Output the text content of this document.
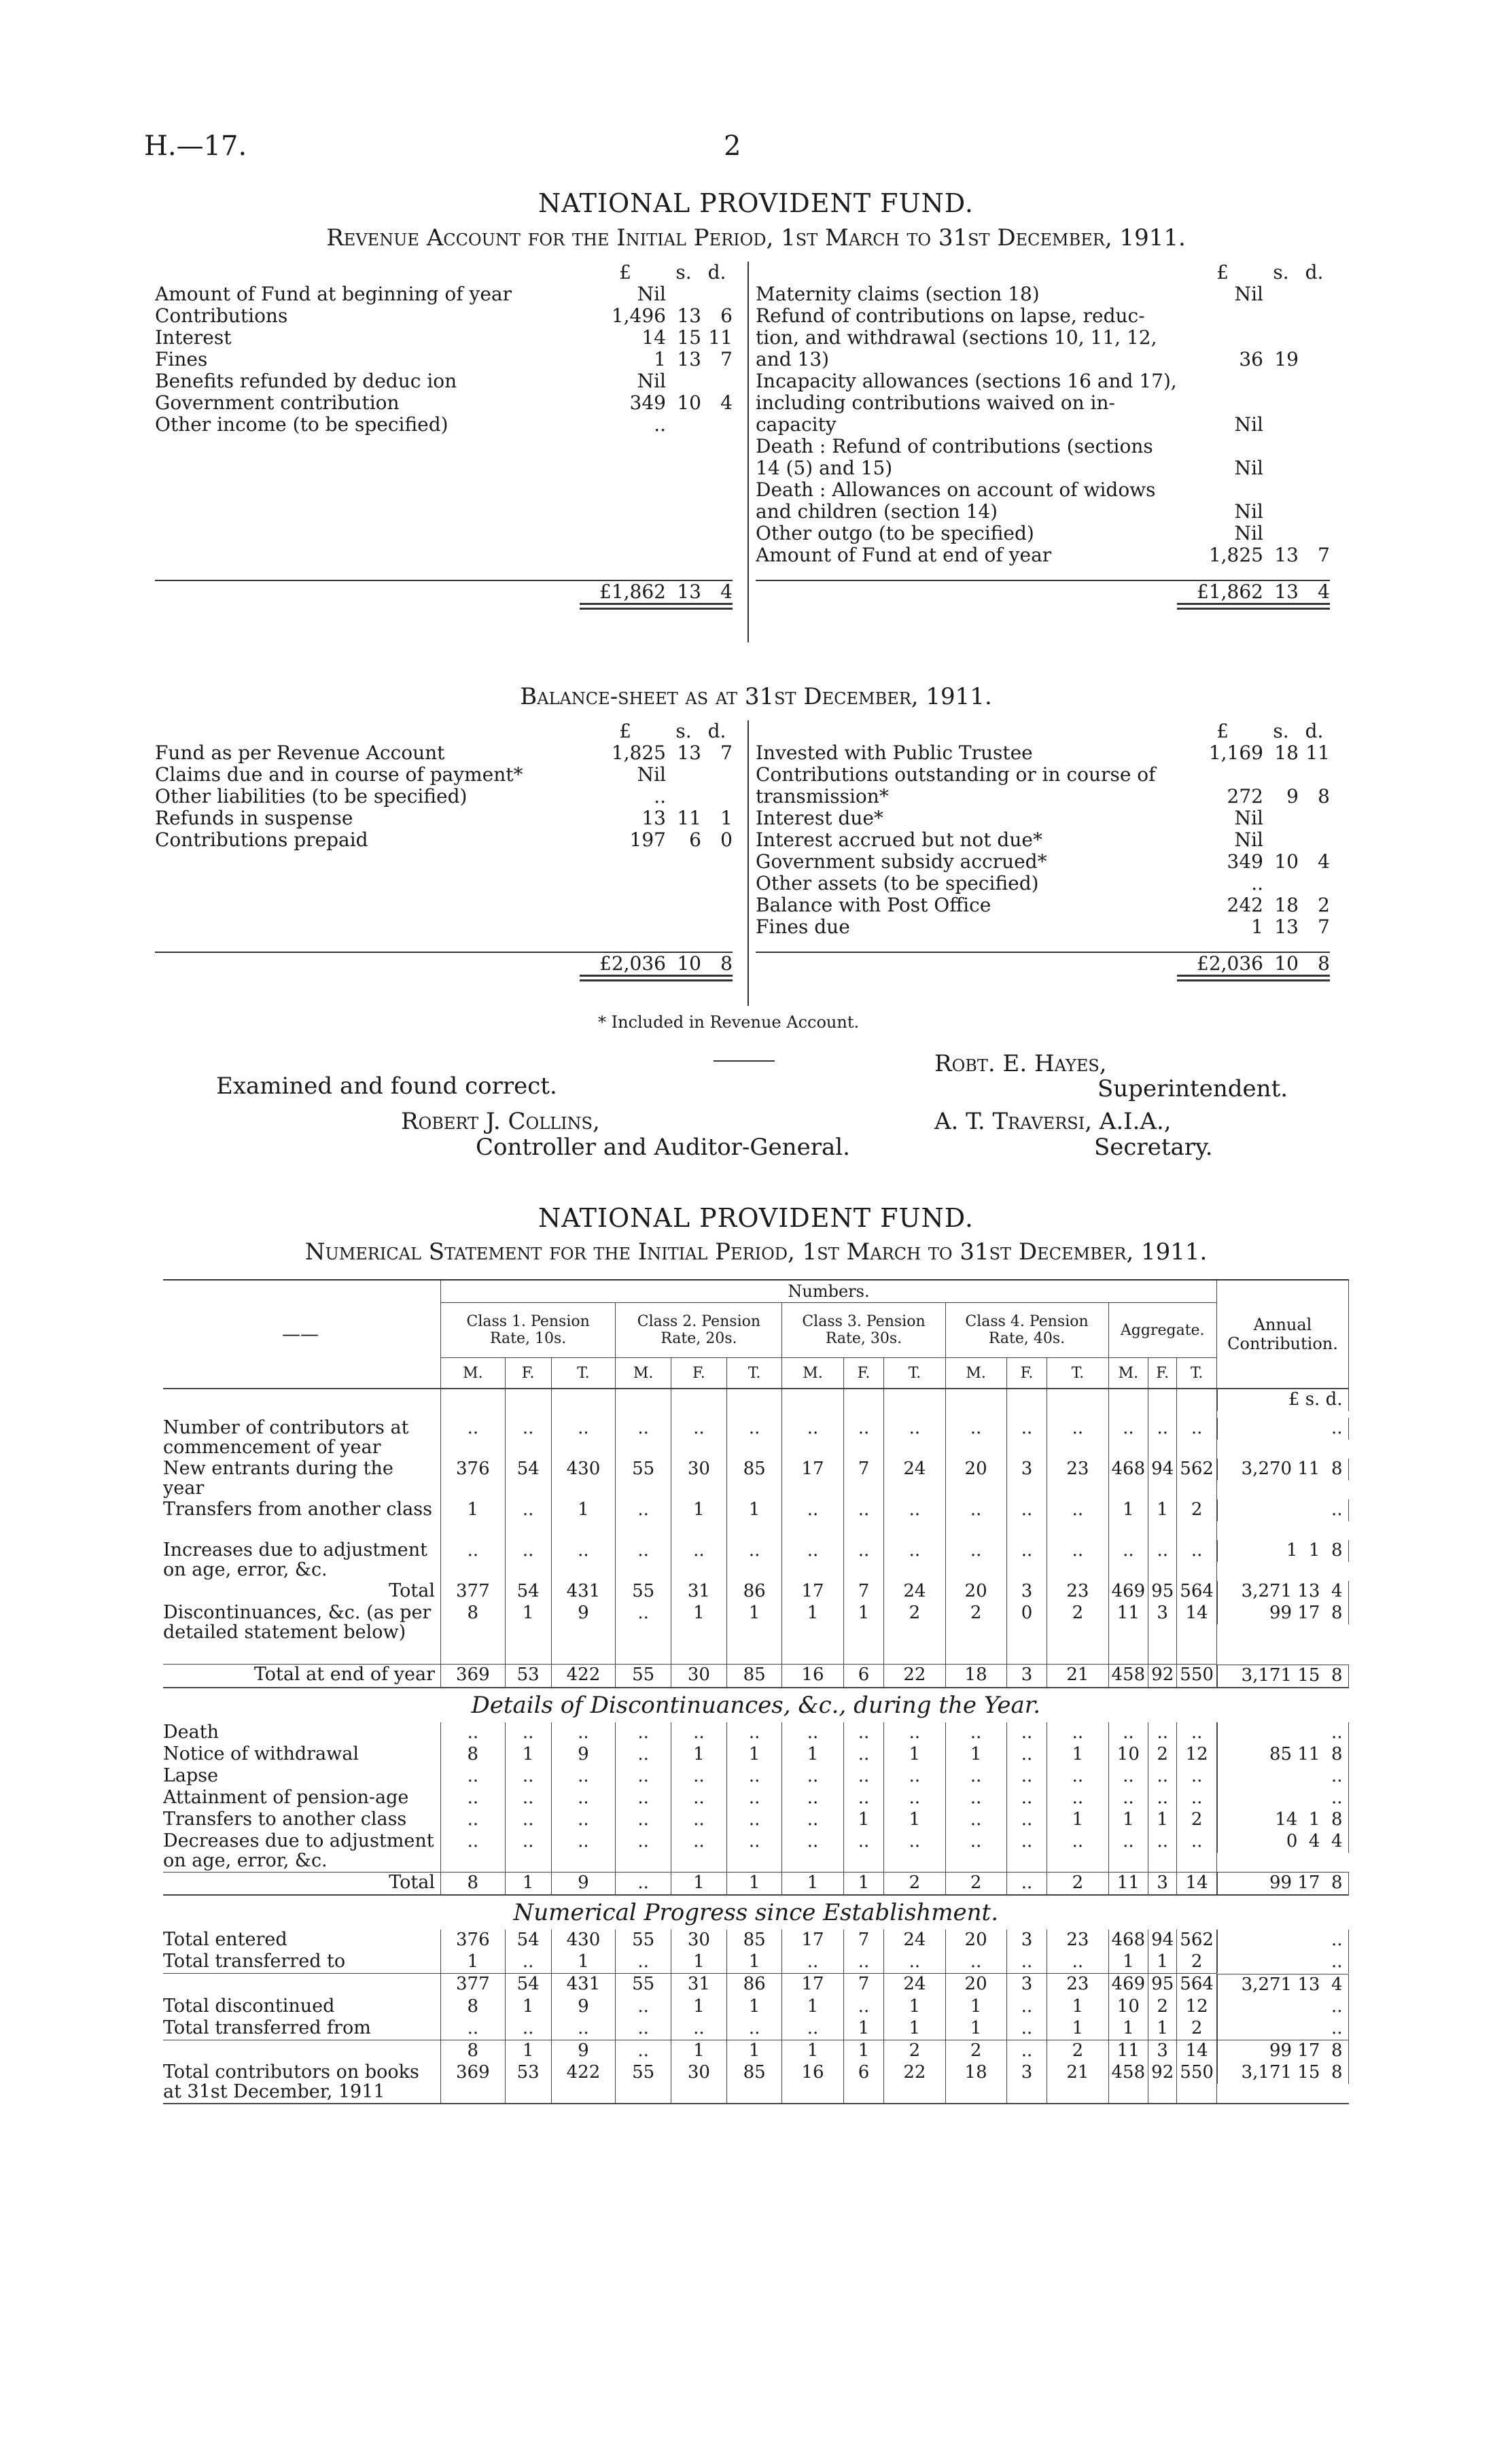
H.—17.	2
NATIONAL PROVIDENT FUND.
Revenue Account for the Initial Period, 1st March to 31st December, 1911.
£	s. d.
Amount of Fund at beginning of year	Nil
Contributions	1,496 13	6
Interest	14 15 11
Fines	1 13	7
Benefits refunded by deduc ion	Nil
Government contribution	349 10	4
Other income (to be specified)	..
£1,862 13	4
£	s. d.
Maternity claims (section 18)	Nil
Refund of contributions on lapse, reduc-
tion, and withdrawal (sections 10, 11, 12,
and 13)	36 19
Incapacity allowances (sections 16 and 17),
including contributions waived on in-
capacity	Nil
Death : Refund of contributions (sections
14 (5) and 15)	Nil
Death : Allowances on account of widows
and children (section 14)	Nil
Other outgo (to be specified)	Nil
Amount of Fund at end of year	1,825 13	7
£1,862 13	4
Balance-sheet as at 31st December, 1911.
£	s. d.
Fund as per Revenue Account	1,825 13	7
Claims due and in course of payment*	Nil
Other liabilities (to be specified)	..
Refunds in suspense	13 11	1
Contributions prepaid	197	6	0
£2,036 10	8
£	s. d.
Invested with Public Trustee	1,169 18 11
Contributions outstanding or in course of
transmission*	272	9	8
Interest due*	Nil
Interest accrued but not due*	Nil
Government subsidy accrued*	349 10	4
Other assets (to be specified)	..
Balance with Post Office	242 18	2
Fines due	1 13	7
£2,036 10	8
* Included in Revenue Account.
Examined and found correct.
Robt. E. Hayes,
Superintendent.
Robert J. Collins,
Controller and Auditor-General.
A. T. Traversi, A.I.A.,
Secretary.
NATIONAL PROVIDENT FUND.
Numerical Statement for the Initial Period, 1st March to 31st December, 1911.
——	Numbers.															Annual Contribution.
	Class 1. Pension Rate, 10s.			Class 2. Pension Rate, 20s.			Class 3. Pension Rate, 30s.			Class 4. Pension Rate, 40s.			Aggregate.			
	M.	F.	T.	M.	F.	T.	M.	F.	T.	M.	F.	T.	M.	F.	T.	

£ s. d.

Number of contributors at commencement of year	..	..	..	..	..	..	..	..	..	..	..	..	..	..	..		..

New entrants during the year	376	54	430	55	30	85	17	7	24	20	3	23	468	94	562		3,270 11  8

Transfers from another class	1	..	1	..	1	1	..	..	..	..	..	..	1	1	2		..

Increases due to adjustment on age, error, &c.	..	..	..	..	..	..	..	..	..	..	..	..	..	..	..		1  1  8

Total	377	54	431	55	31	86	17	7	24	20	3	23	469	95	564		3,271 13  4

Discontinuances, &c. (as per detailed statement below)	8	1	9	..	1	1	1	1	2	2	0	2	11	3	14		99 17  8

Total at end of year	369	53	422	55	30	85	16	6	22	18	3	21	458	92	550		3,171 15  8

Details of Discontinuances, &c., during the Year.																
Death	..	..	..	..	..	..	..	..	..	..	..	..	..	..	..		..

Notice of withdrawal	8	1	9	..	1	1	1	..	1	1	..	1	10	2	12		85 11  8

Lapse	..	..	..	..	..	..	..	..	..	..	..	..	..	..	..		..

Attainment of pension-age	..	..	..	..	..	..	..	..	..	..	..	..	..	..	..		..

Transfers to another class	..	..	..	..	..	..	..	1	1	..	..	1	1	1	2		14  1  8

Decreases due to adjustment on age, error, &c.	..	..	..	..	..	..	..	..	..	..	..	..	..	..	..		0  4  4

Total	8	1	9	..	1	1	1	1	2	2	..	2	11	3	14		99 17  8

Numerical Progress since Establishment.																
Total entered	376	54	430	55	30	85	17	7	24	20	3	23	468	94	562		..

Total transferred to	1	..	1	..	1	1	..	..	..	..	..	..	1	1	2		..

	377	54	431	55	31	86	17	7	24	20	3	23	469	95	564		3,271 13  4

Total discontinued	8	1	9	..	1	1	1	..	1	1	..	1	10	2	12		..

Total transferred from	..	..	..	..	..	..	..	1	1	1	..	1	1	1	2		..

	8	1	9	..	1	1	1	1	2	2	..	2	11	3	14		99 17  8

Total contributors on books at 31st December, 1911	369	53	422	55	30	85	16	6	22	18	3	21	458	92	550		3,171 15  8
